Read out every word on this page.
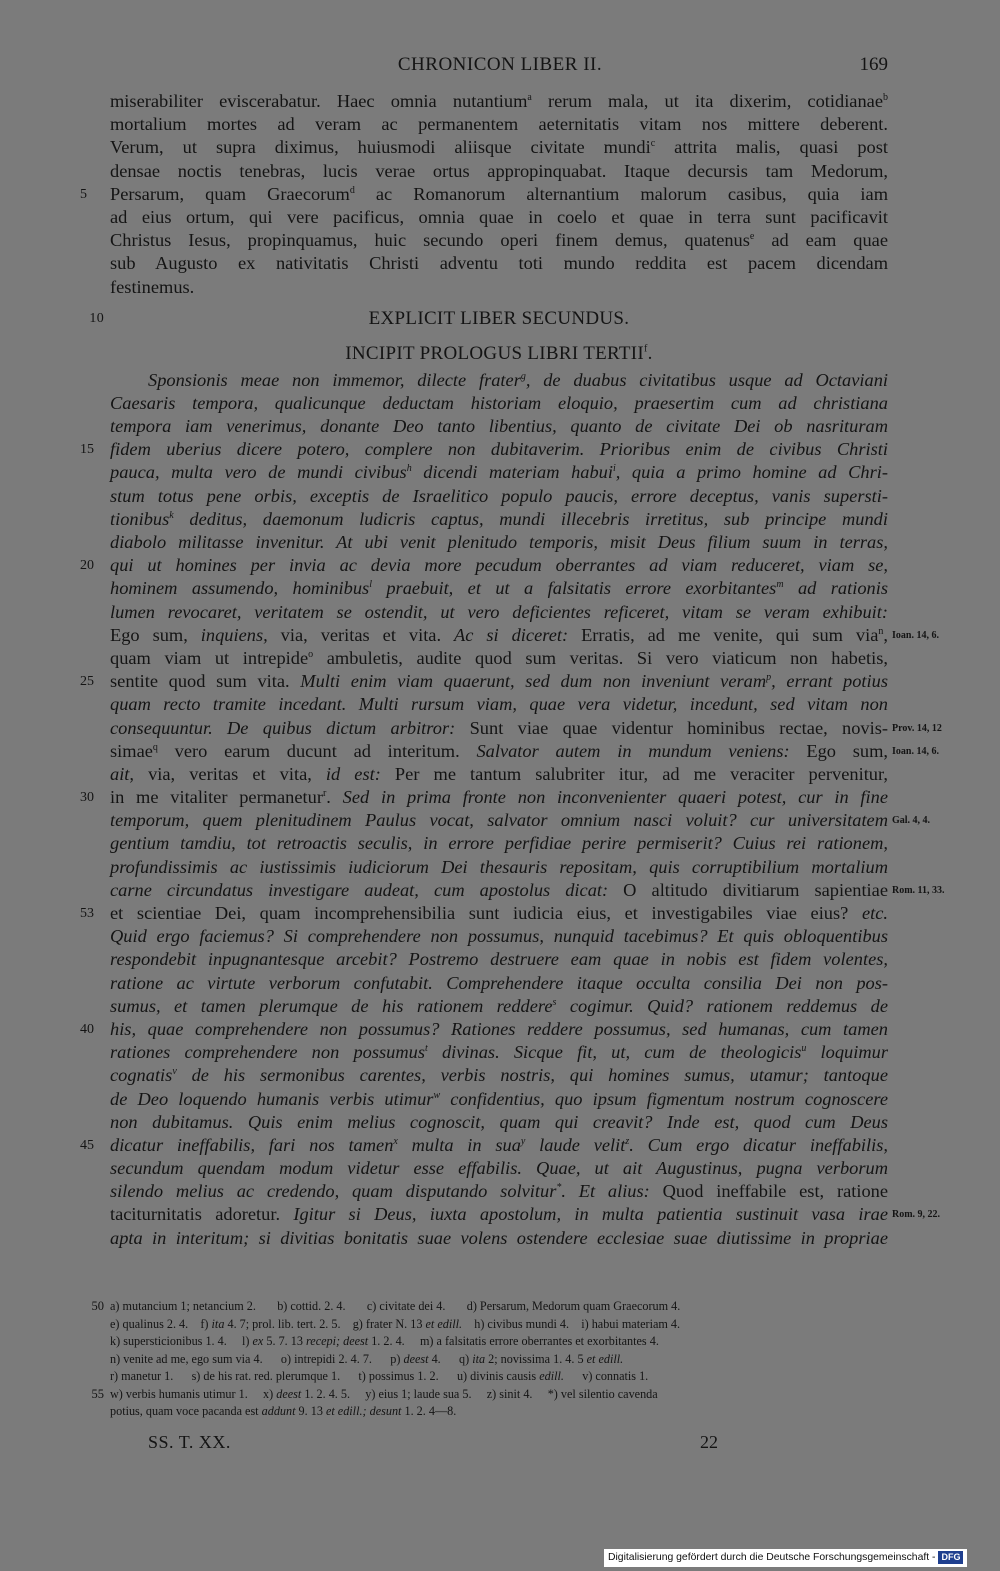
CHRONICON LIBER II.	169
miserabiliter eviscerabatur. Haec omnia nutantium$^a$ rerum mala, ut ita dixerim, cotidianae$^b$
mortalium mortes ad veram ac permanentem aeternitatis vitam nos mittere deberent.
Verum, ut supra diximus, huiusmodi aliisque civitate mundi$^c$ attrita malis, quasi post
densae noctis tenebras, lucis verae ortus appropinquabat. Itaque decursis tam Medorum,
5	Persarum, quam Graecorum$^d$ ac Romanorum alternantium malorum casibus, quia iam
ad eius ortum, qui vere pacificus, omnia quae in coelo et quae in terra sunt pacificavit
Christus Iesus, propinquamus, huic secundo operi finem demus, quatenus$^e$ ad eam quae
sub Augusto ex nativitatis Christi adventu toti mundo reddita est pacem dicendam
festinemus.
10	EXPLICIT LIBER SECUNDUS.
INCIPIT PROLOGUS LIBRI TERTII$^f$.
Sponsionis meae non immemor, dilecte frater$^g$, de duabus civitatibus usque ad Octaviani
Caesaris tempora, qualicunque deductam historiam eloquio, praesertim cum ad christiana
tempora iam venerimus, donante Deo tanto libentius, quanto de civitate Dei ob nasrituram
15 fidem uberius dicere potero, complere non dubitaverim. Prioribus enim de civibus Christi
pauca, multa vero de mundi civibus$^h$ dicendi materiam habui$^i$, quia a primo homine ad Chri-
stum totus pene orbis, exceptis de Israelitico populo paucis, errore deceptus, vanis supersti-
tionibus$^k$ deditus, daemonum ludicris captus, mundi illecebris irretitus, sub principe mundi
diabolo militasse invenitur. At ubi venit plenitudo temporis, misit Deus filium suum in terras,
20 qui ut homines per invia ac devia more pecudum oberrantes ad viam reduceret, viam se,
hominem assumendo, hominibus$^l$ praebuit, et ut a falsitatis errore exorbitantes$^m$ ad rationis
lumen revocaret, veritatem se ostendit, ut vero deficientes reficeret, vitam se veram exhibuit:
Ego sum, inquiens, via, veritas et vita. Ac si diceret: Erratis, ad me venite, qui sum via$^n$, Ioan. 14, 6.
quam viam ut intrepide$^o$ ambuletis, audite quod sum veritas. Si vero viaticum non habetis,
25 sentite quod sum vita. Multi enim viam quaerunt, sed dum non inveniunt veram$^p$, errant potius
quam recto tramite incedant. Multi rursum viam, quae vera videtur, incedunt, sed vitam non
consequuntur. De quibus dictum arbitror: Sunt viae quae videntur hominibus rectae, novis- Prov. 14, 12
simae$^q$ vero earum ducunt ad interitum. Salvator autem in mundum veniens: Ego sum, Ioan. 14, 6.
ait, via, veritas et vita, id est: Per me tantum salubriter itur, ad me veraciter pervenitur,
30 in me vitaliter permanetur$^r$. Sed in prima fronte non inconvenienter quaeri potest, cur in fine
temporum, quem plenitudinem Paulus vocat, salvator omnium nasci voluit? cur universitatem Gal. 4, 4.
gentium tamdiu, tot retroactis seculis, in errore perfidiae perire permiserit? Cuius rei rationem,
profundissimis ac iustissimis iudiciorum Dei thesauris repositam, quis corruptibilium mortalium
carne circundatus investigare audeat, cum apostolus dicat: O altitudo divitiarum sapientiae Rom. 11, 33.
53 et scientiae Dei, quam incomprehensibilia sunt iudicia eius, et investigabiles viae eius? etc.
Quid ergo faciemus? Si comprehendere non possumus, nunquid tacebimus? Et quis obloquentibus
respondebit inpugnantesque arcebit? Postremo destruere eam quae in nobis est fidem volentes,
ratione ac virtute verborum confutabit. Comprehendere itaque occulta consilia Dei non pos-
sumus, et tamen plerumque de his rationem reddere$^s$ cogimur. Quid? rationem reddemus de
40 his, quae comprehendere non possumus? Rationes reddere possumus, sed humanas, cum tamen
rationes comprehendere non possumus$^t$ divinas. Sicque fit, ut, cum de theologicis$^u$ loquimur
cognatis$^v$ de his sermonibus carentes, verbis nostris, qui homines sumus, utamur; tantoque
de Deo loquendo humanis verbis utimur$^w$ confidentius, quo ipsum figmentum nostrum cognoscere
non dubitamus. Quis enim melius cognoscit, quam qui creavit? Inde est, quod cum Deus
45 dicatur ineffabilis, fari nos tamen$^x$ multa in sua$^y$ laude velit$^z$. Cum ergo dicatur ineffabilis,
secundum quendam modum videtur esse effabilis. Quae, ut ait Augustinus, pugna verborum
silendo melius ac credendo, quam disputando solvitur*. Et alius: Quod ineffabile est, ratione
taciturnitatis adoretur. Igitur si Deus, iuxta apostolum, in multa patientia sustinuit vasa irae Rom. 9, 22.
apta in interitum; si divitias bonitatis suae volens ostendere ecclesiae suae diutissime in propriae
50 a) mutancium 1; netancium 2.       b) cottid. 2. 4.       c) civitate dei 4.       d) Persarum, Medorum quam Graecorum 4.
e) qualinus 2. 4.    f) ita 4. 7; prol. lib. tert. 2. 5.    g) frater N. 13 et edill.    h) civibus mundi 4.    i) habui materiam 4.
k) supersticionibus 1. 4.     l) ex 5. 7. 13 recepi; deest 1. 2. 4.     m) a falsitatis errore oberrantes et exorbitantes 4.
n) venite ad me, ego sum via 4.      o) intrepidi 2. 4. 7.      p) deest 4.      q) ita 2; novissima 1. 4. 5 et edill.
r) manetur 1.      s) de his rat. red. plerumque 1.      t) possimus 1. 2.      u) divinis causis edill.      v) connatis 1.
55 w) verbis humanis utimur 1.     x) deest 1. 2. 4. 5.     y) eius 1; laude sua 5.     z) sinit 4.     *) vel silentio cavenda
potius, quam voce pacanda est addunt 9. 13 et edill.; desunt 1. 2. 4—8.
SS. T. XX.	22
Digitalisierung gefördert durch die Deutsche Forschungsgemeinschaft - DFG
